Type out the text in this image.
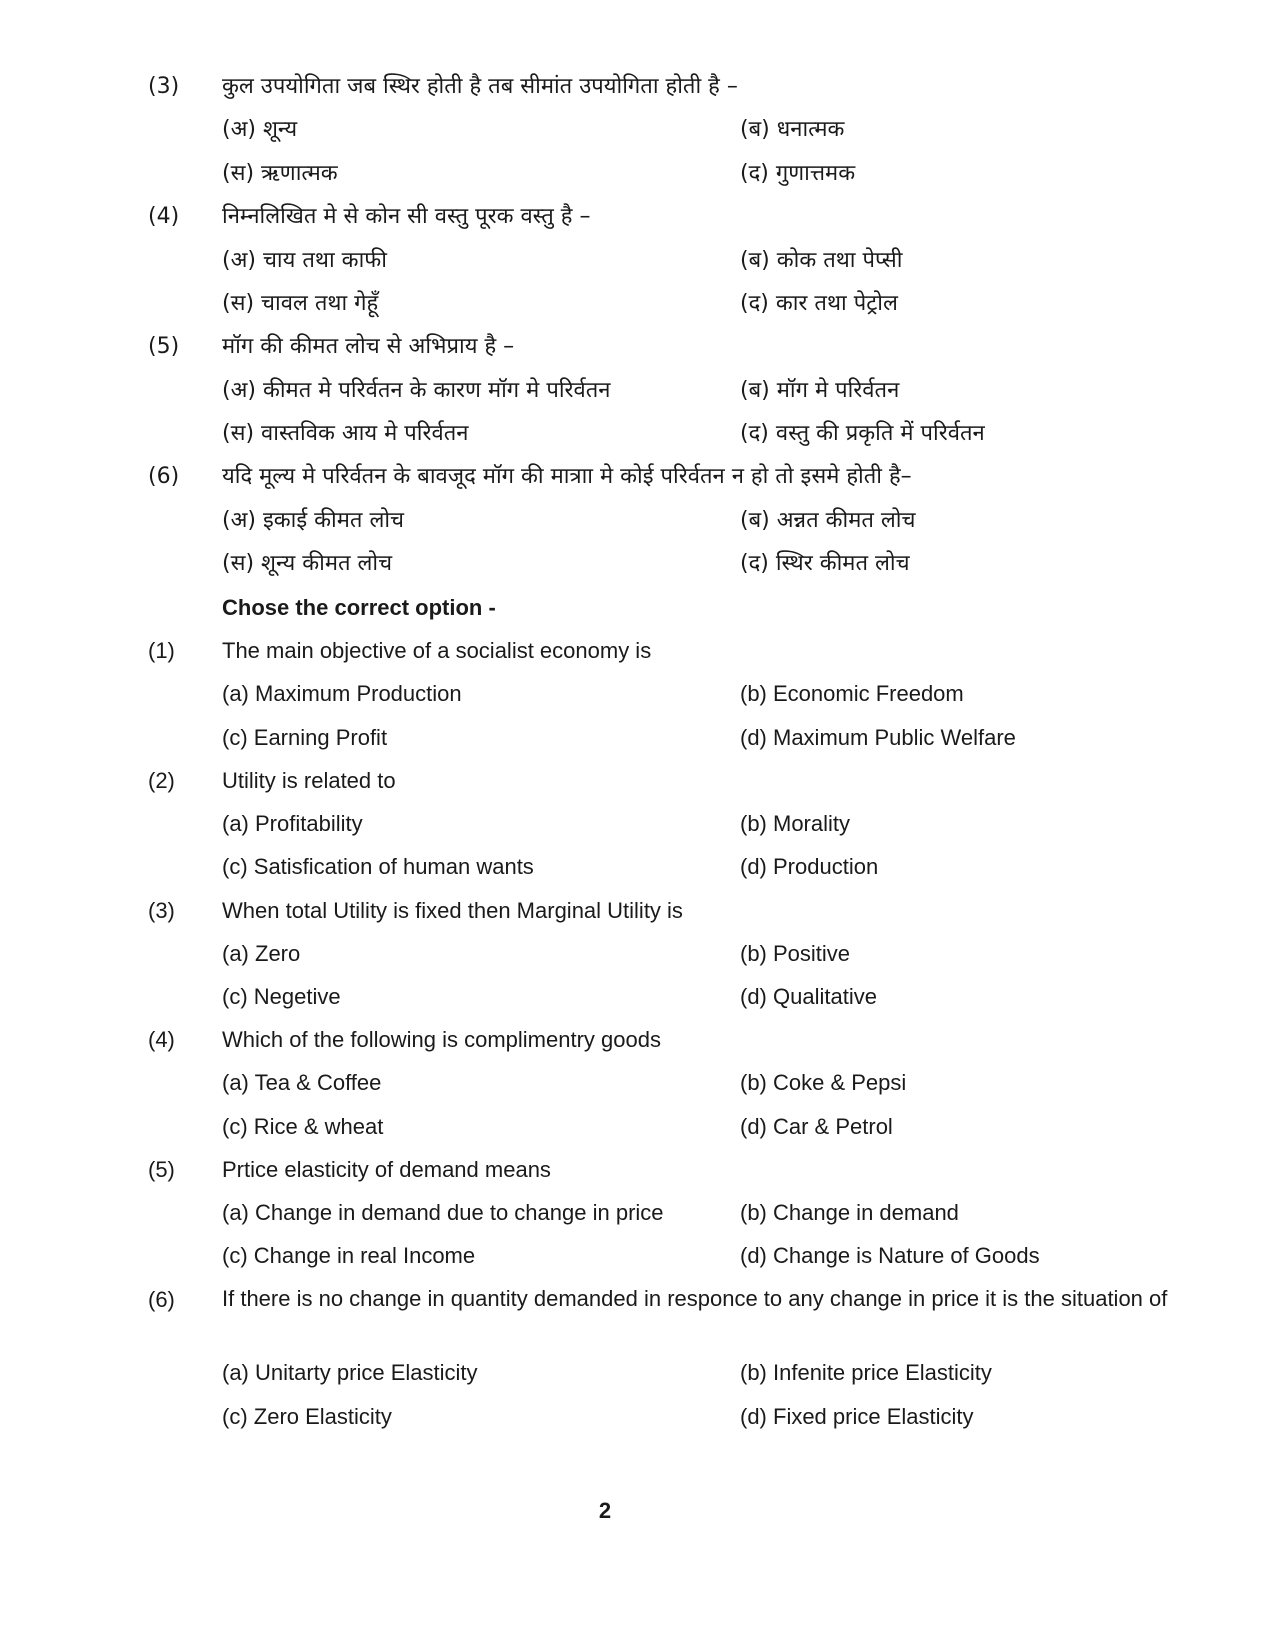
(3) कुल उपयोगिता जब स्थिर होती है तब सीमांत उपयोगिता होती है –
(अ) शून्य	(ब) धनात्मक
(स) ऋणात्मक	(द) गुणात्तमक
(4) निम्नलिखित मे से कोन सी वस्तु पूरक वस्तु है –
(अ) चाय तथा काफी	(ब) कोक तथा पेप्सी
(स) चावल तथा गेहूँ	(द) कार तथा पेट्रोल
(5) मॉग की कीमत लोच से अभिप्राय है –
(अ) कीमत मे परिर्वतन के कारण मॉग मे परिर्वतन	(ब) मॉग मे परिर्वतन
(स) वास्तविक आय मे परिर्वतन	(द) वस्तु की प्रकृति में परिर्वतन
(6) यदि मूल्य मे परिर्वतन के बावजूद मॉग की मात्राा मे कोई परिर्वतन न हो तो इसमे होती है–
(अ) इकाई कीमत लोच	(ब) अन्नत कीमत लोच
(स) शून्य कीमत लोच	(द) स्थिर कीमत लोच
Chose the correct option -
(1) The main objective of a socialist economy is
(a) Maximum Production	(b) Economic Freedom
(c) Earning Profit	(d) Maximum Public Welfare
(2) Utility is related to
(a) Profitability	(b) Morality
(c) Satisfication of human wants	(d) Production
(3) When total Utility is fixed then Marginal Utility is
(a) Zero	(b) Positive
(c) Negetive	(d) Qualitative
(4) Which of the following is complimentry goods
(a) Tea & Coffee	(b) Coke & Pepsi
(c) Rice & wheat	(d) Car & Petrol
(5) Prtice elasticity of demand means
(a) Change in demand due to change in price	(b) Change in demand
(c) Change in real Income	(d) Change is Nature of Goods
(6) If there is no change in quantity demanded in responce to any change in price it is the situation of
(a) Unitarty price Elasticity	(b) Infenite price Elasticity
(c) Zero Elasticity	(d) Fixed price Elasticity
2
